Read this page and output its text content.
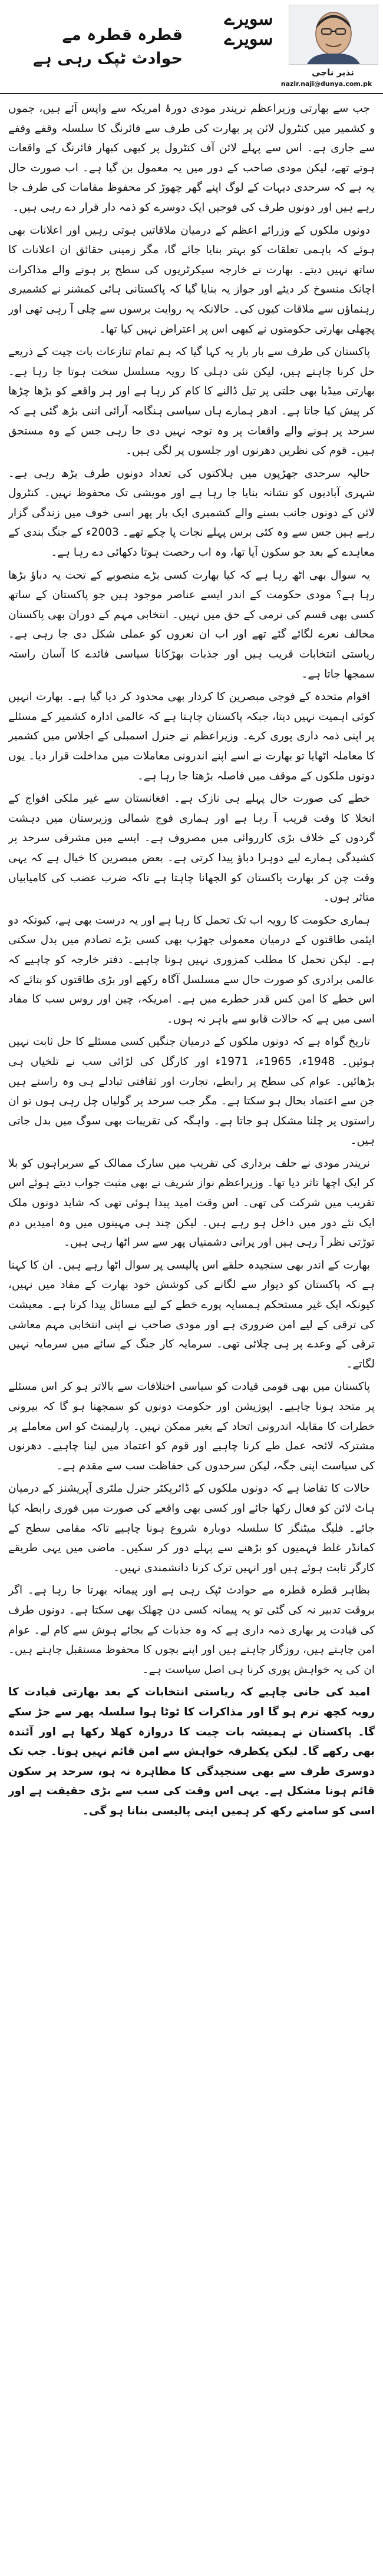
سویرے
سویرے
قطرہ قطرہ مے حوادث ٹپک رہی ہے
نذیر ناجی
nazir.naji@dunya.com.pk

جب سے بھارتی وزیراعظم نریندر مودی دورۂ امریکہ سے واپس آئے ہیں، جموں و کشمیر میں کنٹرول لائن پر بھارت کی طرف سے فائرنگ کا سلسلہ وقفے وقفے سے جاری ہے۔ اس سے پہلے لائن آف کنٹرول پر کبھی کبھار فائرنگ کے واقعات ہوتے تھے، لیکن مودی صاحب کے دور میں یہ معمول بن گیا ہے۔ اب صورت حال یہ ہے کہ سرحدی دیہات کے لوگ اپنے گھر چھوڑ کر محفوظ مقامات کی طرف جا رہے ہیں اور دونوں طرف کی فوجیں ایک دوسرے کو ذمہ دار قرار دے رہی ہیں۔

دونوں ملکوں کے وزرائے اعظم کے درمیان ملاقاتیں ہوتی رہیں اور اعلانات بھی ہوئے کہ باہمی تعلقات کو بہتر بنایا جائے گا، مگر زمینی حقائق ان اعلانات کا ساتھ نہیں دیتے۔ بھارت نے خارجہ سیکرٹریوں کی سطح پر ہونے والے مذاکرات اچانک منسوخ کر دیئے اور جواز یہ بنایا گیا کہ پاکستانی ہائی کمشنر نے کشمیری رہنماؤں سے ملاقات کیوں کی۔ حالانکہ یہ روایت برسوں سے چلی آ رہی تھی اور پچھلی بھارتی حکومتوں نے کبھی اس پر اعتراض نہیں کیا تھا۔

پاکستان کی طرف سے بار بار یہ کہا گیا کہ ہم تمام تنازعات بات چیت کے ذریعے حل کرنا چاہتے ہیں، لیکن نئی دہلی کا رویہ مسلسل سخت ہوتا جا رہا ہے۔ بھارتی میڈیا بھی جلتی پر تیل ڈالنے کا کام کر رہا ہے اور ہر واقعے کو بڑھا چڑھا کر پیش کیا جاتا ہے۔ ادھر ہمارے ہاں سیاسی ہنگامہ آرائی اتنی بڑھ گئی ہے کہ سرحد پر ہونے والے واقعات پر وہ توجہ نہیں دی جا رہی جس کے وہ مستحق ہیں۔ قوم کی نظریں دھرنوں اور جلسوں پر لگی ہیں۔

حالیہ سرحدی جھڑپوں میں ہلاکتوں کی تعداد دونوں طرف بڑھ رہی ہے۔ شہری آبادیوں کو نشانہ بنایا جا رہا ہے اور مویشی تک محفوظ نہیں۔ کنٹرول لائن کے دونوں جانب بسنے والے کشمیری ایک بار پھر اسی خوف میں زندگی گزار رہے ہیں جس سے وہ کئی برس پہلے نجات پا چکے تھے۔ 2003ء کے جنگ بندی کے معاہدے کے بعد جو سکون آیا تھا، وہ اب رخصت ہوتا دکھائی دے رہا ہے۔

یہ سوال بھی اٹھ رہا ہے کہ کیا بھارت کسی بڑے منصوبے کے تحت یہ دباؤ بڑھا رہا ہے؟ مودی حکومت کے اندر ایسے عناصر موجود ہیں جو پاکستان کے ساتھ کسی بھی قسم کی نرمی کے حق میں نہیں۔ انتخابی مہم کے دوران بھی پاکستان مخالف نعرے لگائے گئے تھے اور اب ان نعروں کو عملی شکل دی جا رہی ہے۔ ریاستی انتخابات قریب ہیں اور جذبات بھڑکانا سیاسی فائدے کا آسان راستہ سمجھا جاتا ہے۔

اقوام متحدہ کے فوجی مبصرین کا کردار بھی محدود کر دیا گیا ہے۔ بھارت انہیں کوئی اہمیت نہیں دیتا، جبکہ پاکستان چاہتا ہے کہ عالمی ادارہ کشمیر کے مسئلے پر اپنی ذمہ داری پوری کرے۔ وزیراعظم نے جنرل اسمبلی کے اجلاس میں کشمیر کا معاملہ اٹھایا تو بھارت نے اسے اپنے اندرونی معاملات میں مداخلت قرار دیا۔ یوں دونوں ملکوں کے موقف میں فاصلہ بڑھتا جا رہا ہے۔

خطے کی صورت حال پہلے ہی نازک ہے۔ افغانستان سے غیر ملکی افواج کے انخلا کا وقت قریب آ رہا ہے اور ہماری فوج شمالی وزیرستان میں دہشت گردوں کے خلاف بڑی کارروائی میں مصروف ہے۔ ایسے میں مشرقی سرحد پر کشیدگی ہمارے لیے دوہرا دباؤ پیدا کرتی ہے۔ بعض مبصرین کا خیال ہے کہ یہی وقت چن کر بھارت پاکستان کو الجھانا چاہتا ہے تاکہ ضرب عضب کی کامیابیاں متاثر ہوں۔

ہماری حکومت کا رویہ اب تک تحمل کا رہا ہے اور یہ درست بھی ہے، کیونکہ دو ایٹمی طاقتوں کے درمیان معمولی جھڑپ بھی کسی بڑے تصادم میں بدل سکتی ہے۔ لیکن تحمل کا مطلب کمزوری نہیں ہونا چاہیے۔ دفتر خارجہ کو چاہیے کہ عالمی برادری کو صورت حال سے مسلسل آگاہ رکھے اور بڑی طاقتوں کو بتائے کہ اس خطے کا امن کس قدر خطرے میں ہے۔ امریکہ، چین اور روس سب کا مفاد اسی میں ہے کہ حالات قابو سے باہر نہ ہوں۔

تاریخ گواہ ہے کہ دونوں ملکوں کے درمیان جنگیں کسی مسئلے کا حل ثابت نہیں ہوئیں۔ 1948ء، 1965ء، 1971ء اور کارگل کی لڑائی سب نے تلخیاں ہی بڑھائیں۔ عوام کی سطح پر رابطے، تجارت اور ثقافتی تبادلے ہی وہ راستے ہیں جن سے اعتماد بحال ہو سکتا ہے۔ مگر جب سرحد پر گولیاں چل رہی ہوں تو ان راستوں پر چلنا مشکل ہو جاتا ہے۔ واہگہ کی تقریبات بھی سوگ میں بدل جاتی ہیں۔

نریندر مودی نے حلف برداری کی تقریب میں سارک ممالک کے سربراہوں کو بلا کر ایک اچھا تاثر دیا تھا۔ وزیراعظم نواز شریف نے بھی مثبت جواب دیتے ہوئے اس تقریب میں شرکت کی تھی۔ اس وقت امید پیدا ہوئی تھی کہ شاید دونوں ملک ایک نئے دور میں داخل ہو رہے ہیں۔ لیکن چند ہی مہینوں میں وہ امیدیں دم توڑتی نظر آ رہی ہیں اور پرانی دشمنیاں پھر سے سر اٹھا رہی ہیں۔

بھارت کے اندر بھی سنجیدہ حلقے اس پالیسی پر سوال اٹھا رہے ہیں۔ ان کا کہنا ہے کہ پاکستان کو دیوار سے لگانے کی کوشش خود بھارت کے مفاد میں نہیں، کیونکہ ایک غیر مستحکم ہمسایہ پورے خطے کے لیے مسائل پیدا کرتا ہے۔ معیشت کی ترقی کے لیے امن ضروری ہے اور مودی صاحب نے اپنی انتخابی مہم معاشی ترقی کے وعدے پر ہی چلائی تھی۔ سرمایہ کار جنگ کے سائے میں سرمایہ نہیں لگاتے۔

پاکستان میں بھی قومی قیادت کو سیاسی اختلافات سے بالاتر ہو کر اس مسئلے پر متحد ہونا چاہیے۔ اپوزیشن اور حکومت دونوں کو سمجھنا ہو گا کہ بیرونی خطرات کا مقابلہ اندرونی اتحاد کے بغیر ممکن نہیں۔ پارلیمنٹ کو اس معاملے پر مشترکہ لائحہ عمل طے کرنا چاہیے اور قوم کو اعتماد میں لینا چاہیے۔ دھرنوں کی سیاست اپنی جگہ، لیکن سرحدوں کی حفاظت سب سے مقدم ہے۔

حالات کا تقاضا ہے کہ دونوں ملکوں کے ڈائریکٹر جنرل ملٹری آپریشنز کے درمیان ہاٹ لائن کو فعال رکھا جائے اور کسی بھی واقعے کی صورت میں فوری رابطہ کیا جائے۔ فلیگ میٹنگز کا سلسلہ دوبارہ شروع ہونا چاہیے تاکہ مقامی سطح کے کمانڈر غلط فہمیوں کو بڑھنے سے پہلے دور کر سکیں۔ ماضی میں یہی طریقے کارگر ثابت ہوئے ہیں اور انہیں ترک کرنا دانشمندی نہیں۔

بظاہر قطرہ قطرہ مے حوادث ٹپک رہی ہے اور پیمانہ بھرتا جا رہا ہے۔ اگر بروقت تدبیر نہ کی گئی تو یہ پیمانہ کسی دن چھلک بھی سکتا ہے۔ دونوں طرف کی قیادت پر بھاری ذمہ داری ہے کہ وہ جذبات کے بجائے ہوش سے کام لے۔ عوام امن چاہتے ہیں، روزگار چاہتے ہیں اور اپنے بچوں کا محفوظ مستقبل چاہتے ہیں۔ ان کی یہ خواہش پوری کرنا ہی اصل سیاست ہے۔

امید کی جانی چاہیے کہ ریاستی انتخابات کے بعد بھارتی قیادت کا رویہ کچھ نرم ہو گا اور مذاکرات کا ٹوٹا ہوا سلسلہ پھر سے جڑ سکے گا۔ پاکستان نے ہمیشہ بات چیت کا دروازہ کھلا رکھا ہے اور آئندہ بھی رکھے گا۔ لیکن یکطرفہ خواہش سے امن قائم نہیں ہوتا۔ جب تک دوسری طرف سے بھی سنجیدگی کا مظاہرہ نہ ہو، سرحد پر سکون قائم ہونا مشکل ہے۔ یہی اس وقت کی سب سے بڑی حقیقت ہے اور اسی کو سامنے رکھ کر ہمیں اپنی پالیسی بنانا ہو گی۔
